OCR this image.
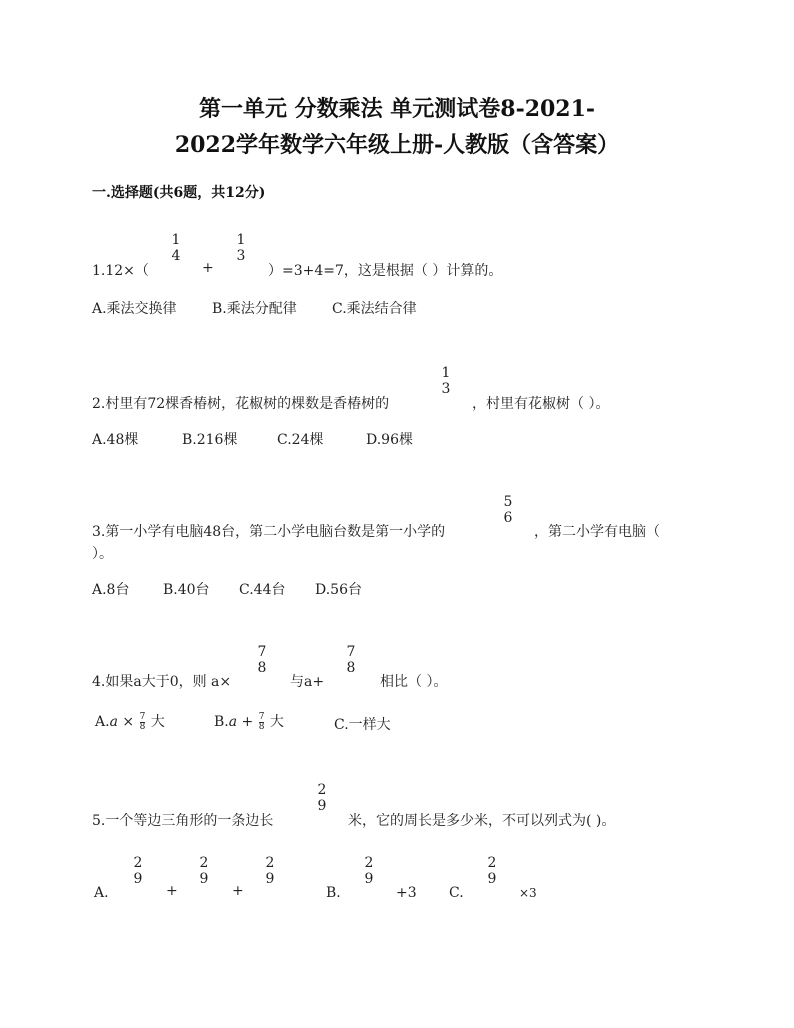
第一单元 分数乘法 单元测试卷8-2021-
2022学年数学六年级上册-人教版（含答案）
一.选择题(共6题，共12分)
1.12×（
1
4
+
1
3
）=3+4=7，这是根据（ ）计算的。
A.乘法交换律	B.乘法分配律	C.乘法结合律
2.村里有72棵香椿树，花椒树的棵数是香椿树的
1
3
，村里有花椒树（ ）。
A.48棵	B.216棵	C.24棵	D.96棵
3.第一小学有电脑48台，第二小学电脑台数是第一小学的
5
6
，第二小学有电脑（
）。
A.8台 B.40台 C.44台 D.56台
4.如果a大于0，则 a×
7
8
与a+
7
8
相比（ ）。
$A.a \times \frac{7}{8}$ 大	$B.a + \frac{7}{8}$ 大	C.一样大
5.一个等边三角形的一条边长
2
9
米，它的周长是多少米，不可以列式为( )。
A.
2
9
+
2
9
+
2
9
B.
2
9
+3 C.
2
9
×3
